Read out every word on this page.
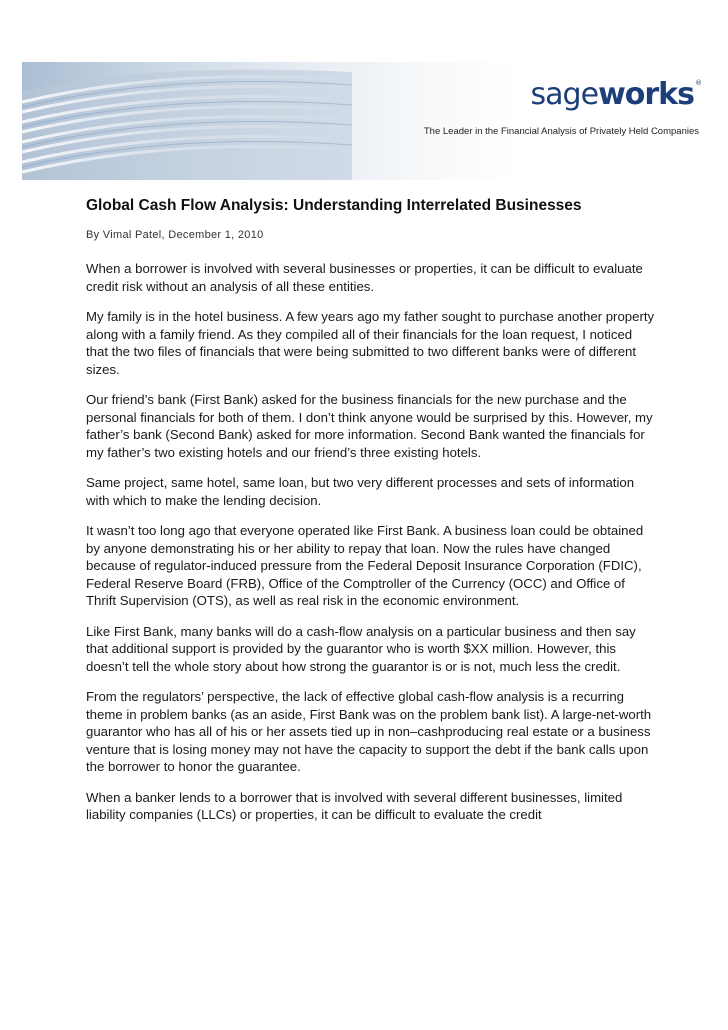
sageworks®
The Leader in the Financial Analysis of Privately Held Companies
Global Cash Flow Analysis: Understanding Interrelated Businesses

By Vimal Patel, December 1, 2010

When a borrower is involved with several businesses or properties, it can be difficult to evaluate credit risk without an analysis of all these entities.

My family is in the hotel business. A few years ago my father sought to purchase another property along with a family friend. As they compiled all of their financials for the loan request, I noticed that the two files of financials that were being submitted to two different banks were of different sizes.

Our friend’s bank (First Bank) asked for the business financials for the new purchase and the personal financials for both of them. I don’t think anyone would be surprised by this. However, my father’s bank (Second Bank) asked for more information. Second Bank wanted the financials for my father’s two existing hotels and our friend’s three existing hotels.

Same project, same hotel, same loan, but two very different processes and sets of information with which to make the lending decision.

It wasn’t too long ago that everyone operated like First Bank. A business loan could be obtained by anyone demonstrating his or her ability to repay that loan. Now the rules have changed because of regulator-induced pressure from the Federal Deposit Insurance Corporation (FDIC), Federal Reserve Board (FRB), Office of the Comptroller of the Currency (OCC) and Office of Thrift Supervision (OTS), as well as real risk in the economic environment.

Like First Bank, many banks will do a cash-flow analysis on a particular business and then say that additional support is provided by the guarantor who is worth $XX million. However, this doesn’t tell the whole story about how strong the guarantor is or is not, much less the credit.

From the regulators’ perspective, the lack of effective global cash-flow analysis is a recurring theme in problem banks (as an aside, First Bank was on the problem bank list). A large-net-worth guarantor who has all of his or her assets tied up in non–cashproducing real estate or a business venture that is losing money may not have the capacity to support the debt if the bank calls upon the borrower to honor the guarantee.

When a banker lends to a borrower that is involved with several different businesses, limited liability companies (LLCs) or properties, it can be difficult to evaluate the credit
